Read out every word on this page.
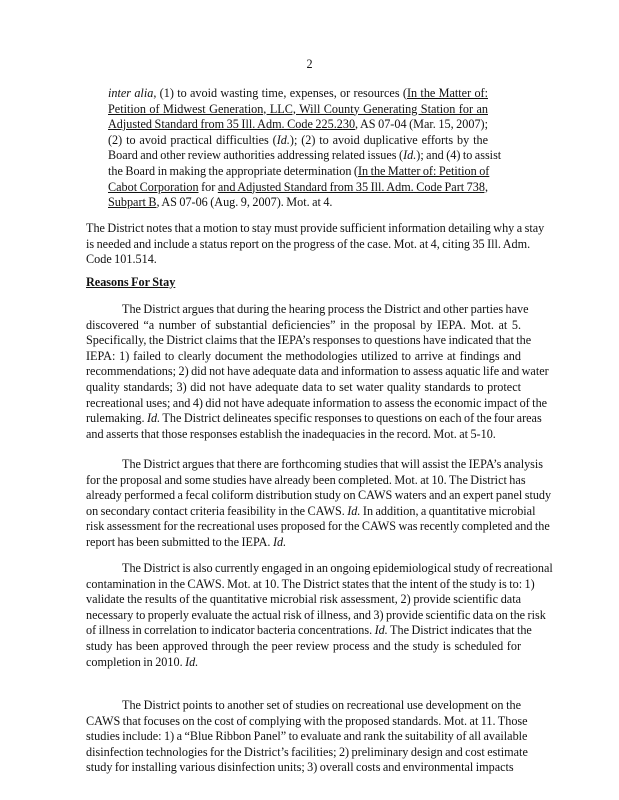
2
inter alia, (1) to avoid wasting time, expenses, or resources (In the Matter of:
Petition of Midwest Generation, LLC, Will County Generating Station for an
Adjusted Standard from 35 Ill. Adm. Code 225.230, AS 07-04 (Mar. 15, 2007);
(2) to avoid practical difficulties (Id.); (2) to avoid duplicative efforts by the
Board and other review authorities addressing related issues (Id.); and (4) to assist
the Board in making the appropriate determination (In the Matter of: Petition of
Cabot Corporation for and Adjusted Standard from 35 Ill. Adm. Code Part 738,
Subpart B, AS 07-06 (Aug. 9, 2007). Mot. at 4.
The District notes that a motion to stay must provide sufficient information detailing why a stay
is needed and include a status report on the progress of the case. Mot. at 4, citing 35 Ill. Adm.
Code 101.514.
Reasons For Stay
The District argues that during the hearing process the District and other parties have
discovered “a number of substantial deficiencies” in the proposal by IEPA. Mot. at 5.
Specifically, the District claims that the IEPA’s responses to questions have indicated that the
IEPA: 1) failed to clearly document the methodologies utilized to arrive at findings and
recommendations; 2) did not have adequate data and information to assess aquatic life and water
quality standards; 3) did not have adequate data to set water quality standards to protect
recreational uses; and 4) did not have adequate information to assess the economic impact of the
rulemaking. Id. The District delineates specific responses to questions on each of the four areas
and asserts that those responses establish the inadequacies in the record. Mot. at 5-10.
The District argues that there are forthcoming studies that will assist the IEPA’s analysis
for the proposal and some studies have already been completed. Mot. at 10. The District has
already performed a fecal coliform distribution study on CAWS waters and an expert panel study
on secondary contact criteria feasibility in the CAWS. Id. In addition, a quantitative microbial
risk assessment for the recreational uses proposed for the CAWS was recently completed and the
report has been submitted to the IEPA. Id.
The District is also currently engaged in an ongoing epidemiological study of recreational
contamination in the CAWS. Mot. at 10. The District states that the intent of the study is to: 1)
validate the results of the quantitative microbial risk assessment, 2) provide scientific data
necessary to properly evaluate the actual risk of illness, and 3) provide scientific data on the risk
of illness in correlation to indicator bacteria concentrations. Id. The District indicates that the
study has been approved through the peer review process and the study is scheduled for
completion in 2010. Id.
The District points to another set of studies on recreational use development on the
CAWS that focuses on the cost of complying with the proposed standards. Mot. at 11. Those
studies include: 1) a “Blue Ribbon Panel” to evaluate and rank the suitability of all available
disinfection technologies for the District’s facilities; 2) preliminary design and cost estimate
study for installing various disinfection units; 3) overall costs and environmental impacts
